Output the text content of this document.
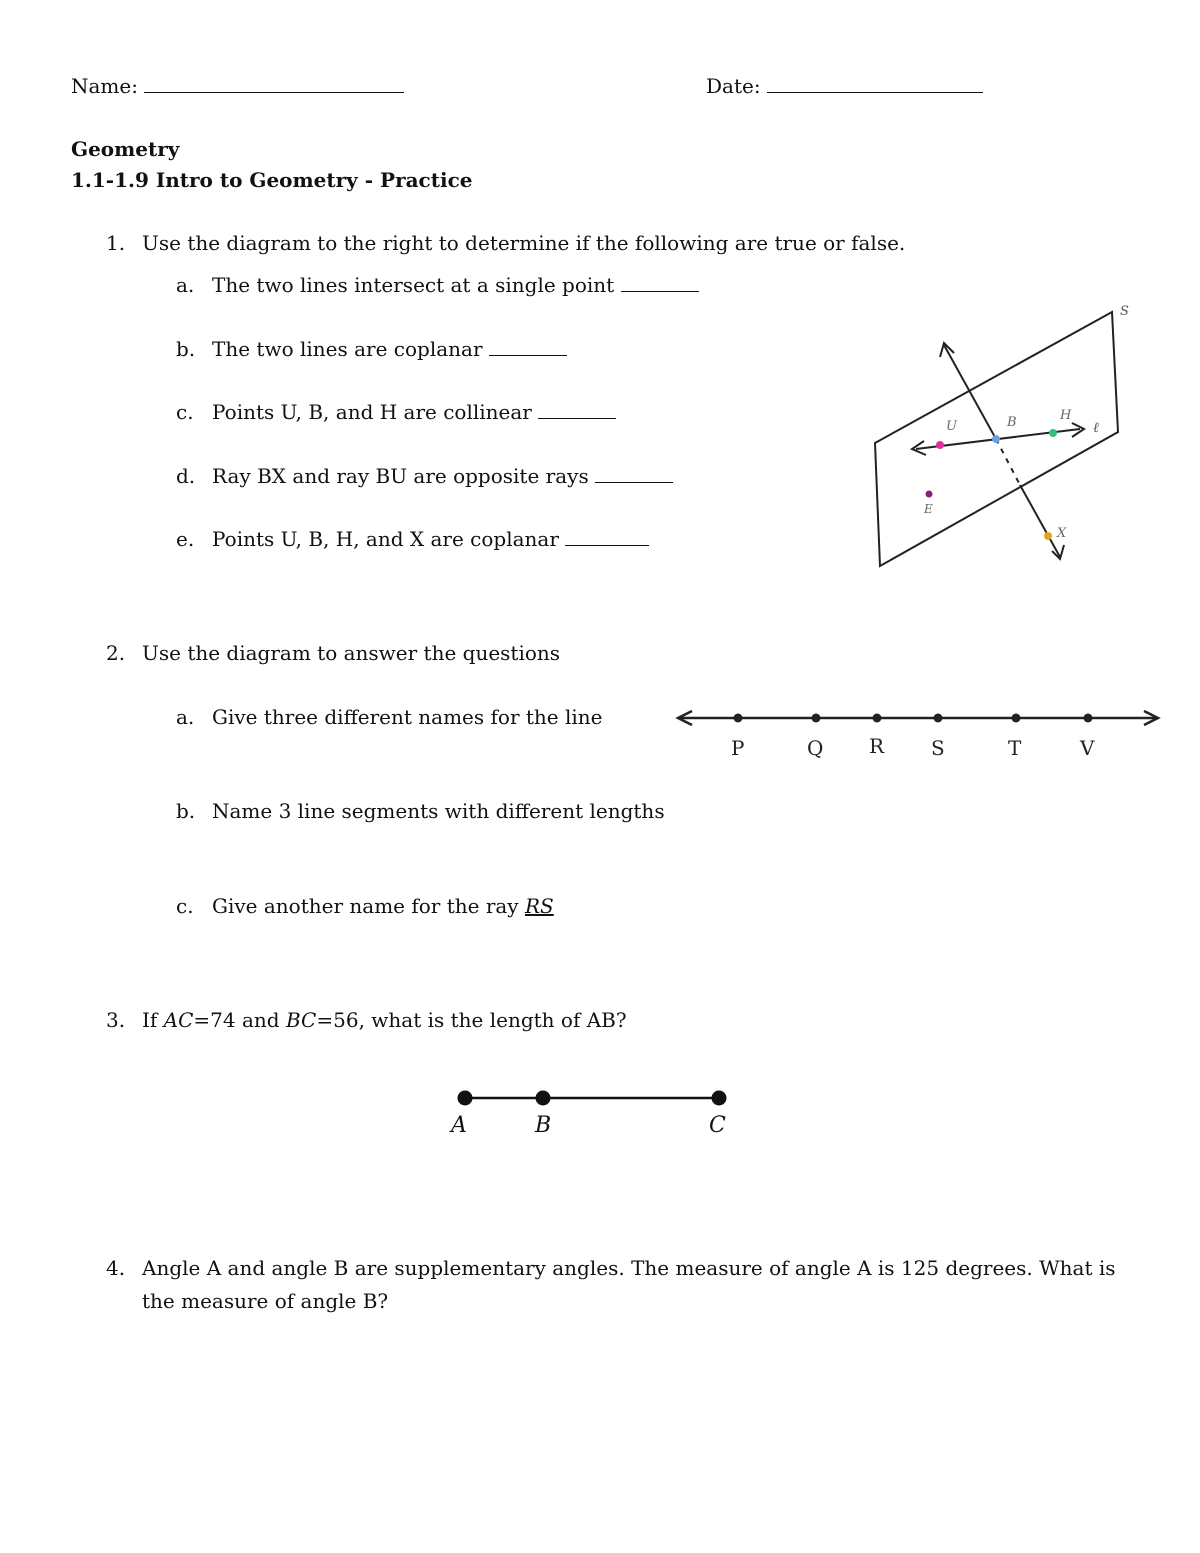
Name:	Date:
Geometry
1.1-1.9 Intro to Geometry - Practice
1. Use the diagram to the right to determine if the following are true or false.
a. The two lines intersect at a single point
b. The two lines are coplanar
c. Points U, B, and H are collinear
d. Ray BX and ray BU are opposite rays
e. Points U, B, H, and X are coplanar
S
ℓ
U	B	H
E
X
2. Use the diagram to answer the questions
a. Give three different names for the line
b. Name 3 line segments with different lengths
c. Give another name for the ray RS
P	Q R S	T	V
3. If AC=74 and BC=56, what is the length of AB?
A	B	C
4. Angle A and angle B are supplementary angles. The measure of angle A is 125 degrees. What is
the measure of angle B?
